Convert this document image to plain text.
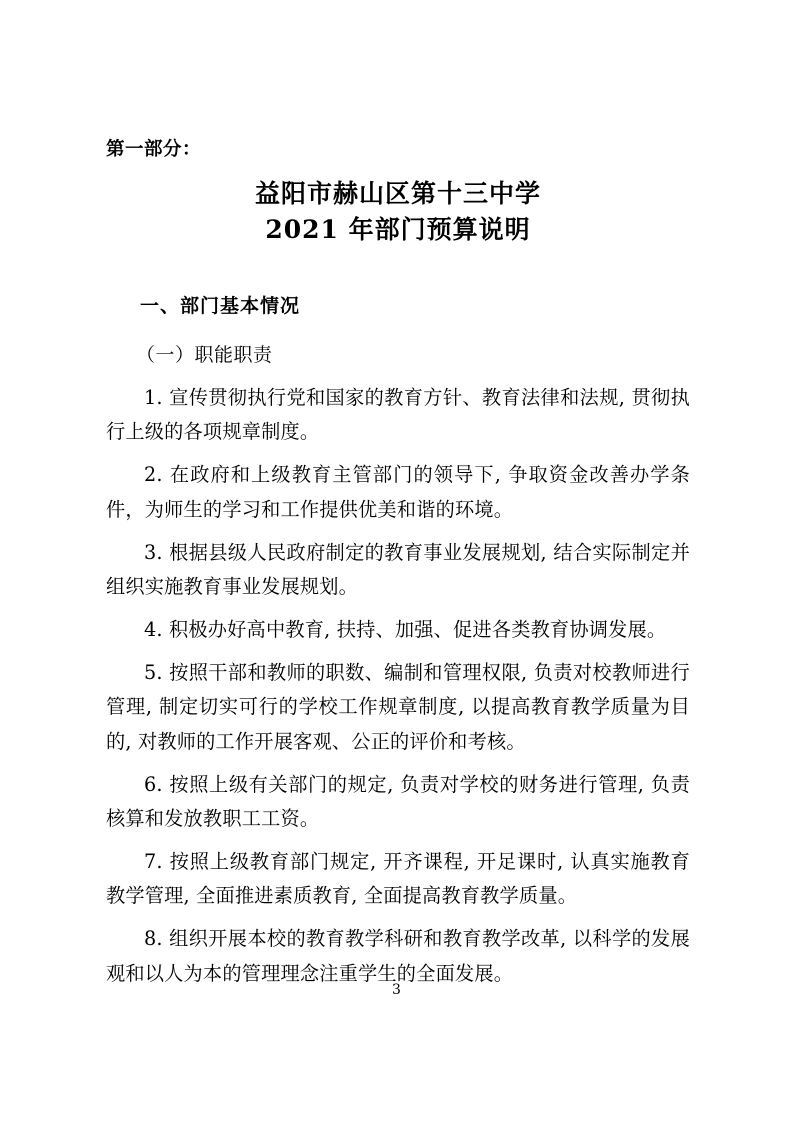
第一部分：
益阳市赫山区第十三中学
2021 年部门预算说明
一、部门基本情况
（一）职能职责

1. 宣传贯彻执行党和国家的教育方针、教育法律和法规, 贯彻执行上级的各项规章制度。

2. 在政府和上级教育主管部门的领导下, 争取资金改善办学条件，为师生的学习和工作提供优美和谐的环境。

3. 根据县级人民政府制定的教育事业发展规划, 结合实际制定并组织实施教育事业发展规划。

4. 积极办好高中教育, 扶持、加强、促进各类教育协调发展。

5. 按照干部和教师的职数、编制和管理权限, 负责对校教师进行管理, 制定切实可行的学校工作规章制度, 以提高教育教学质量为目的, 对教师的工作开展客观、公正的评价和考核。

6. 按照上级有关部门的规定, 负责对学校的财务进行管理, 负责核算和发放教职工工资。

7. 按照上级教育部门规定, 开齐课程, 开足课时, 认真实施教育教学管理, 全面推进素质教育, 全面提高教育教学质量。

8. 组织开展本校的教育教学科研和教育教学改革, 以科学的发展观和以人为本的管理理念注重学生的全面发展。

3
